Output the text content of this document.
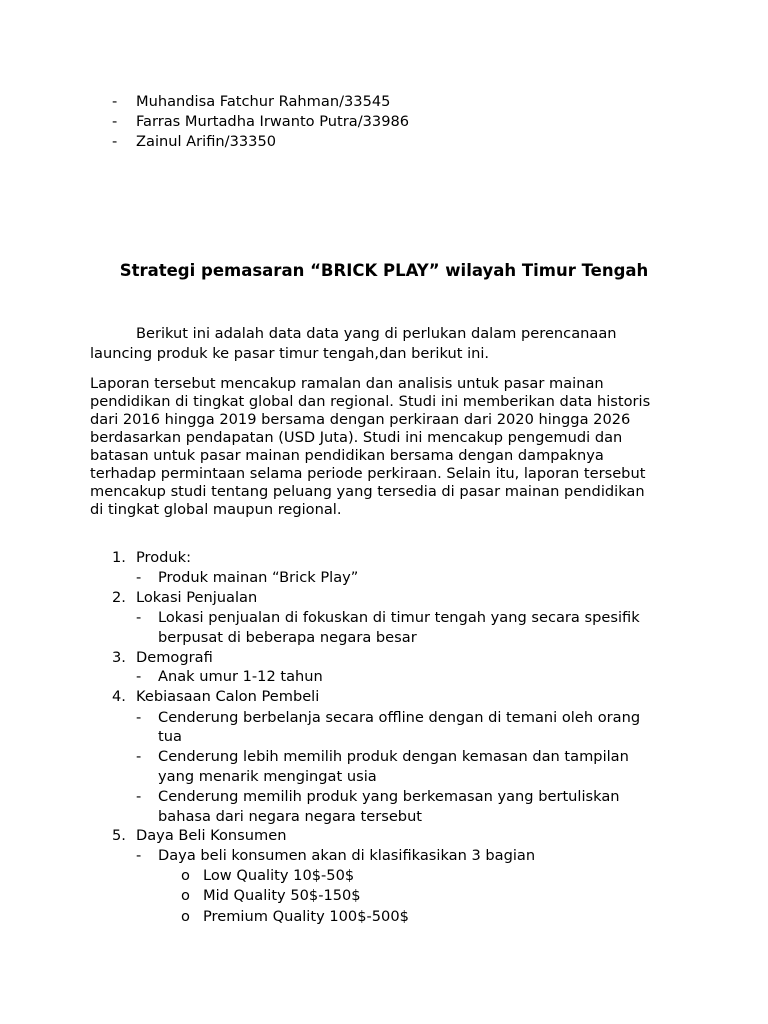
- Muhandisa Fatchur Rahman/33545
- Farras Murtadha Irwanto Putra/33986
- Zainul Arifin/33350
Strategi pemasaran “BRICK PLAY” wilayah Timur Tengah
Berikut ini adalah data data yang di perlukan dalam perencanaan
launcing produk ke pasar timur tengah,dan berikut ini.
Laporan tersebut mencakup ramalan dan analisis untuk pasar mainan
pendidikan di tingkat global dan regional. Studi ini memberikan data historis
dari 2016 hingga 2019 bersama dengan perkiraan dari 2020 hingga 2026
berdasarkan pendapatan (USD Juta). Studi ini mencakup pengemudi dan
batasan untuk pasar mainan pendidikan bersama dengan dampaknya
terhadap permintaan selama periode perkiraan. Selain itu, laporan tersebut
mencakup studi tentang peluang yang tersedia di pasar mainan pendidikan
di tingkat global maupun regional.
1. Produk:
- Produk mainan “Brick Play”
2. Lokasi Penjualan
- Lokasi penjualan di fokuskan di timur tengah yang secara spesifik
berpusat di beberapa negara besar
3. Demografi
- Anak umur 1-12 tahun
4. Kebiasaan Calon Pembeli
- Cenderung berbelanja secara offline dengan di temani oleh orang
tua
- Cenderung lebih memilih produk dengan kemasan dan tampilan
yang menarik mengingat usia
- Cenderung memilih produk yang berkemasan yang bertuliskan
bahasa dari negara negara tersebut
5. Daya Beli Konsumen
- Daya beli konsumen akan di klasifikasikan 3 bagian
o Low Quality 10$-50$
o Mid Quality 50$-150$
o Premium Quality 100$-500$
